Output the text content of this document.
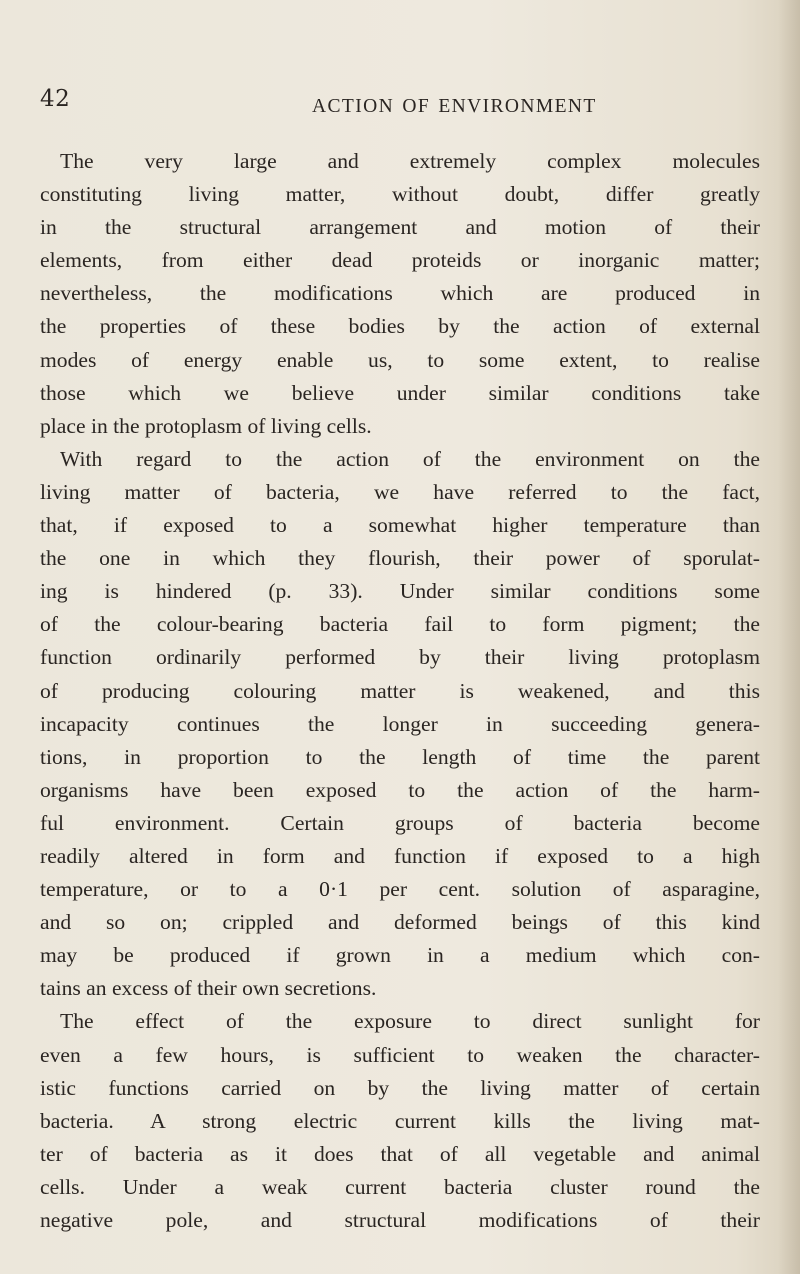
42	ACTION OF ENVIRONMENT
The very large and extremely complex molecules
constituting living matter, without doubt, differ greatly
in the structural arrangement and motion of their
elements, from either dead proteids or inorganic matter;
nevertheless, the modifications which are produced in
the properties of these bodies by the action of external
modes of energy enable us, to some extent, to realise
those which we believe under similar conditions take
place in the protoplasm of living cells.
With regard to the action of the environment on the
living matter of bacteria, we have referred to the fact,
that, if exposed to a somewhat higher temperature than
the one in which they flourish, their power of sporulat-
ing is hindered (p. 33). Under similar conditions some
of the colour-bearing bacteria fail to form pigment; the
function ordinarily performed by their living protoplasm
of producing colouring matter is weakened, and this
incapacity continues the longer in succeeding genera-
tions, in proportion to the length of time the parent
organisms have been exposed to the action of the harm-
ful environment. Certain groups of bacteria become
readily altered in form and function if exposed to a high
temperature, or to a 0·1 per cent. solution of asparagine,
and so on; crippled and deformed beings of this kind
may be produced if grown in a medium which con-
tains an excess of their own secretions.
The effect of the exposure to direct sunlight for
even a few hours, is sufficient to weaken the character-
istic functions carried on by the living matter of certain
bacteria. A strong electric current kills the living mat-
ter of bacteria as it does that of all vegetable and animal
cells. Under a weak current bacteria cluster round the
negative pole, and structural modifications of their
